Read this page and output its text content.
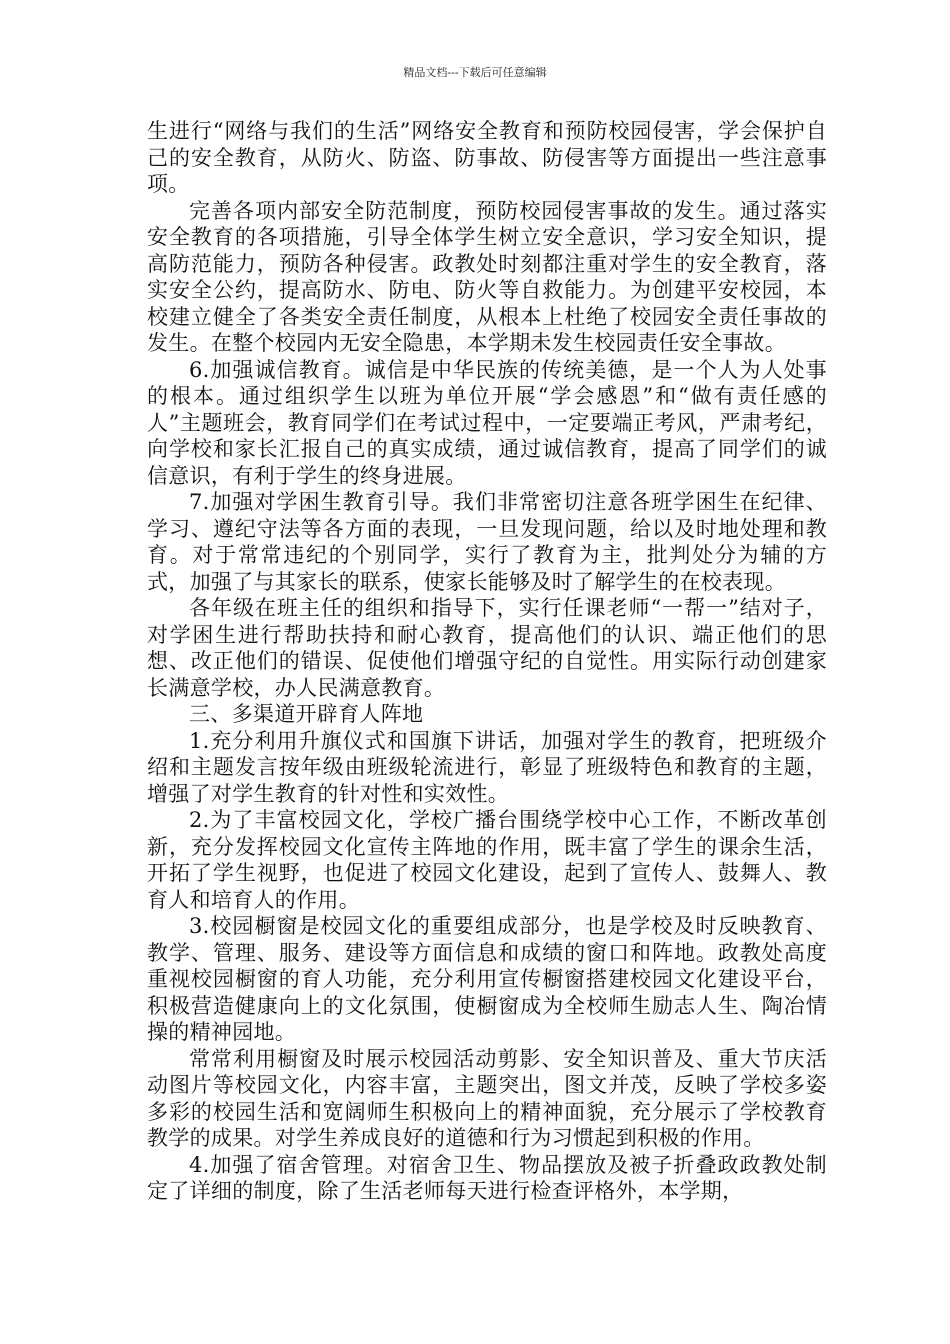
精品文档---下载后可任意编辑

生进行“网络与我们的生活”网络安全教育和预防校园侵害，学会保护自己的安全教育，从防火、防盗、防事故、防侵害等方面提出一些注意事项。

完善各项内部安全防范制度，预防校园侵害事故的发生。通过落实安全教育的各项措施，引导全体学生树立安全意识，学习安全知识，提高防范能力，预防各种侵害。政教处时刻都注重对学生的安全教育，落实安全公约，提高防水、防电、防火等自救能力。为创建平安校园，本校建立健全了各类安全责任制度，从根本上杜绝了校园安全责任事故的发生。在整个校园内无安全隐患，本学期未发生校园责任安全事故。

6.加强诚信教育。诚信是中华民族的传统美德，是一个人为人处事的根本。通过组织学生以班为单位开展“学会感恩”和“做有责任感的人”主题班会，教育同学们在考试过程中，一定要端正考风，严肃考纪，向学校和家长汇报自己的真实成绩，通过诚信教育，提高了同学们的诚信意识，有利于学生的终身进展。

7.加强对学困生教育引导。我们非常密切注意各班学困生在纪律、学习、遵纪守法等各方面的表现，一旦发现问题，给以及时地处理和教育。对于常常违纪的个别同学，实行了教育为主，批判处分为辅的方式，加强了与其家长的联系，使家长能够及时了解学生的在校表现。

各年级在班主任的组织和指导下，实行任课老师“一帮一”结对子，对学困生进行帮助扶持和耐心教育，提高他们的认识、端正他们的思想、改正他们的错误、促使他们增强守纪的自觉性。用实际行动创建家长满意学校，办人民满意教育。

三、多渠道开辟育人阵地

1.充分利用升旗仪式和国旗下讲话，加强对学生的教育，把班级介绍和主题发言按年级由班级轮流进行，彰显了班级特色和教育的主题，增强了对学生教育的针对性和实效性。

2.为了丰富校园文化，学校广播台围绕学校中心工作，不断改革创新，充分发挥校园文化宣传主阵地的作用，既丰富了学生的课余生活，开拓了学生视野，也促进了校园文化建设，起到了宣传人、鼓舞人、教育人和培育人的作用。

3.校园橱窗是校园文化的重要组成部分，也是学校及时反映教育、教学、管理、服务、建设等方面信息和成绩的窗口和阵地。政教处高度重视校园橱窗的育人功能，充分利用宣传橱窗搭建校园文化建设平台，积极营造健康向上的文化氛围，使橱窗成为全校师生励志人生、陶冶情操的精神园地。

常常利用橱窗及时展示校园活动剪影、安全知识普及、重大节庆活动图片等校园文化，内容丰富，主题突出，图文并茂，反映了学校多姿多彩的校园生活和宽阔师生积极向上的精神面貌，充分展示了学校教育教学的成果。对学生养成良好的道德和行为习惯起到积极的作用。

4.加强了宿舍管理。对宿舍卫生、物品摆放及被子折叠政政教处制定了详细的制度，除了生活老师每天进行检查评格外，本学期，
